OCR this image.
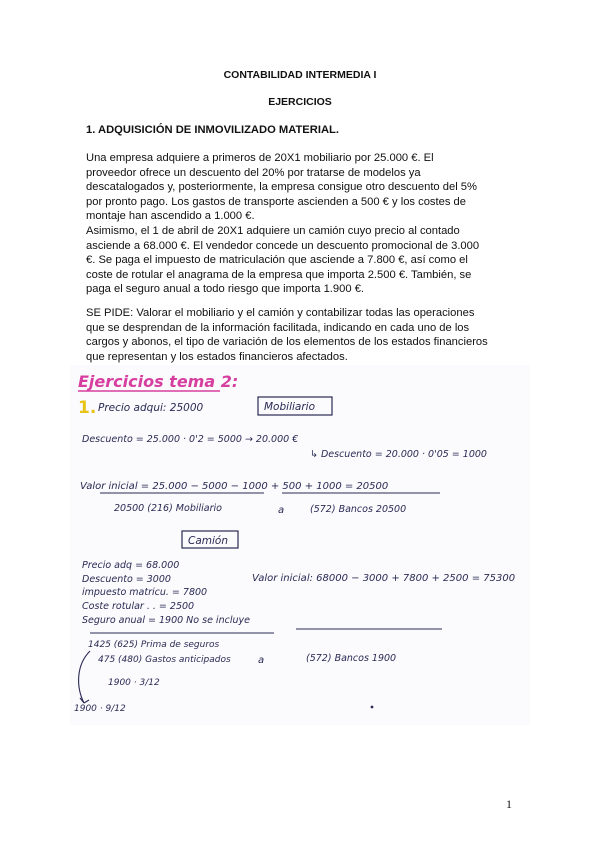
CONTABILIDAD INTERMEDIA I
EJERCICIOS
1. ADQUISICIÓN DE INMOVILIZADO MATERIAL.
Una empresa adquiere a primeros de 20X1 mobiliario por 25.000 €. El
proveedor ofrece un descuento del 20% por tratarse de modelos ya
descatalogados y, posteriormente, la empresa consigue otro descuento del 5%
por pronto pago. Los gastos de transporte ascienden a 500 € y los costes de
montaje han ascendido a 1.000 €.
Asimismo, el 1 de abril de 20X1 adquiere un camión cuyo precio al contado
asciende a 68.000 €. El vendedor concede un descuento promocional de 3.000
€. Se paga el impuesto de matriculación que asciende a 7.800 €, así como el
coste de rotular el anagrama de la empresa que importa 2.500 €. También, se
paga el seguro anual a todo riesgo que importa 1.900 €.
SE PIDE: Valorar el mobiliario y el camión y contabilizar todas las operaciones
que se desprendan de la información facilitada, indicando en cada uno de los
cargos y abonos, el tipo de variación de los elementos de los estados financieros
que representan y los estados financieros afectados.
Ejercicios tema 2:
1. Precio adqui: 25000	Mobiliario
Descuento = 25.000 · 0'2 = 5000 → 20.000 €
↳ Descuento = 20.000 · 0'05 = 1000
Valor inicial = 25.000 − 5000 − 1000 + 500 + 1000 = 20500
20500 (216) Mobiliario	a	(572) Bancos 20500
Camión
Precio adq = 68.000
Descuento = 3000
impuesto matricu. = 7800
Coste rotular . . = 2500
Seguro anual = 1900 No se incluye
Valor inicial: 68000 − 3000 + 7800 + 2500 = 75300
1425 (625) Prima de seguros
475 (480) Gastos anticipados	a	(572) Bancos 1900
1900 · 3/12
1900 · 9/12
1
